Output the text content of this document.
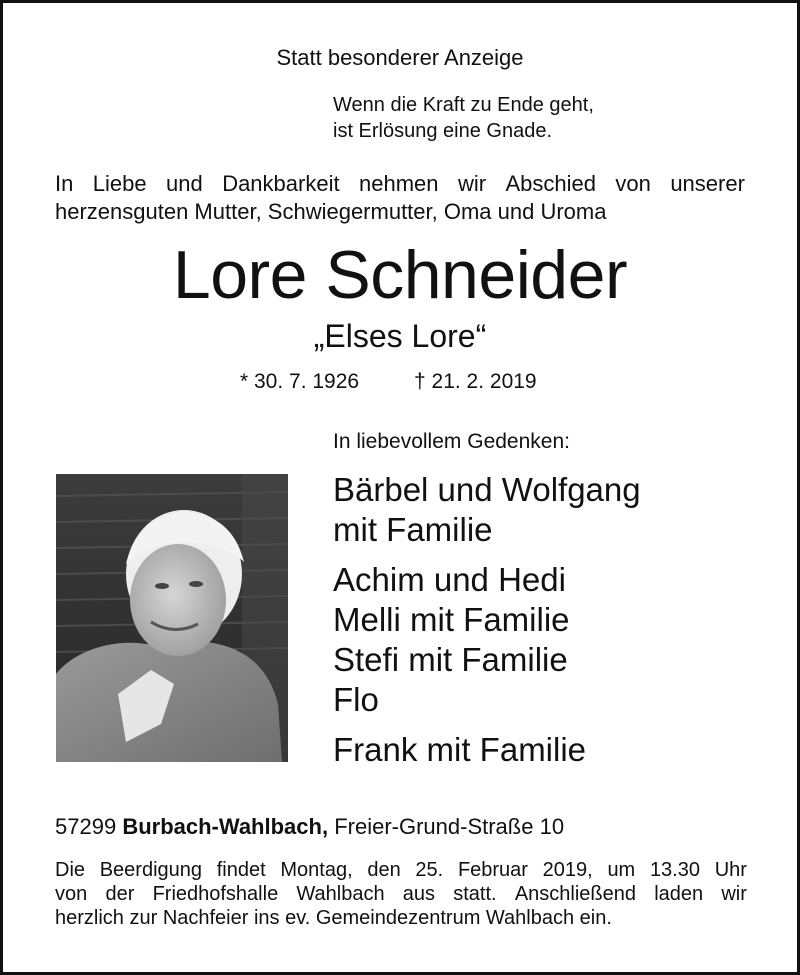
Statt besonderer Anzeige
Wenn die Kraft zu Ende geht,
ist Erlösung eine Gnade.
In Liebe und Dankbarkeit nehmen wir Abschied von unserer
herzensguten Mutter, Schwiegermutter, Oma und Uroma
Lore Schneider
„Elses Lore“
* 30. 7. 1926	† 21. 2. 2019
In liebevollem Gedenken:
Bärbel und Wolfgang
mit Familie
Achim und Hedi
Melli mit Familie
Stefi mit Familie
Flo
Frank mit Familie
57299 Burbach-Wahlbach, Freier-Grund-Straße 10
Die Beerdigung findet Montag, den 25. Februar 2019, um 13.30 Uhr
von der Friedhofshalle Wahlbach aus statt. Anschließend laden wir
herzlich zur Nachfeier ins ev. Gemeindezentrum Wahlbach ein.
